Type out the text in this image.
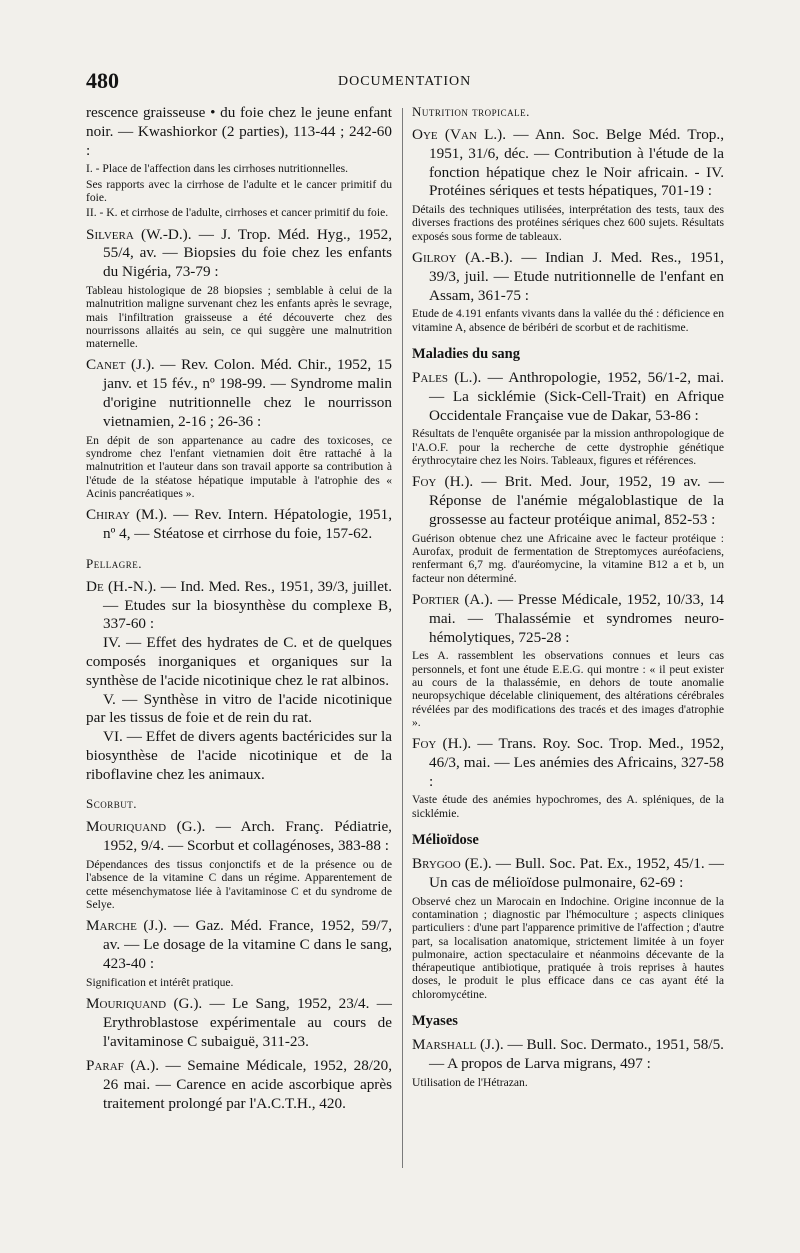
480	DOCUMENTATION

rescence graisseuse • du foie chez le jeune enfant noir. — Kwashiorkor (2 parties), 113-44 ; 242-60 :

I. - Place de l'affection dans les cirrhoses nutritionnelles.

Ses rapports avec la cirrhose de l'adulte et le cancer primitif du foie.

II. - K. et cirrhose de l'adulte, cirrhoses et cancer primitif du foie.

Silvera (W.-D.). — J. Trop. Méd. Hyg., 1952, 55/4, av. — Biopsies du foie chez les enfants du Nigéria, 73-79 :

Tableau histologique de 28 biopsies ; semblable à celui de la malnutrition maligne survenant chez les enfants après le sevrage, mais l'infiltration graisseuse a été découverte chez des nourrissons allaités au sein, ce qui suggère une malnutrition maternelle.

Canet (J.). — Rev. Colon. Méd. Chir., 1952, 15 janv. et 15 fév., nº 198-99. — Syndrome malin d'origine nutritionnelle chez le nourrisson vietnamien, 2-16 ; 26-36 :

En dépit de son appartenance au cadre des toxicoses, ce syndrome chez l'enfant vietnamien doit être rattaché à la malnutrition et l'auteur dans son travail apporte sa contribution à l'étude de la stéatose hépatique imputable à l'atrophie des « Acinis pancréatiques ».

Chiray (M.). — Rev. Intern. Hépatologie, 1951, nº 4, — Stéatose et cirrhose du foie, 157-62.

Pellagre.

De (H.-N.). — Ind. Med. Res., 1951, 39/3, juillet. — Etudes sur la biosynthèse du complexe B, 337-60 :

IV. — Effet des hydrates de C. et de quelques composés inorganiques et organiques sur la synthèse de l'acide nicotinique chez le rat albinos.

V. — Synthèse in vitro de l'acide nicotinique par les tissus de foie et de rein du rat.

VI. — Effet de divers agents bactéricides sur la biosynthèse de l'acide nicotinique et de la riboflavine chez les animaux.

Scorbut.

Mouriquand (G.). — Arch. Franç. Pédiatrie, 1952, 9/4. — Scorbut et collagénoses, 383-88 :

Dépendances des tissus conjonctifs et de la présence ou de l'absence de la vitamine C dans un régime. Apparentement de cette mésenchymatose liée à l'avitaminose C et du syndrome de Selye.

Marche (J.). — Gaz. Méd. France, 1952, 59/7, av. — Le dosage de la vitamine C dans le sang, 423-40 :

Signification et intérêt pratique.

Mouriquand (G.). — Le Sang, 1952, 23/4. — Erythroblastose expérimentale au cours de l'avitaminose C subaiguë, 311-23.

Paraf (A.). — Semaine Médicale, 1952, 28/20, 26 mai. — Carence en acide ascorbique après traitement prolongé par l'A.C.T.H., 420.

Nutrition tropicale.

Oye (Van L.). — Ann. Soc. Belge Méd. Trop., 1951, 31/6, déc. — Contribution à l'étude de la fonction hépatique chez le Noir africain. - IV. Protéines sériques et tests hépatiques, 701-19 :

Détails des techniques utilisées, interprétation des tests, taux des diverses fractions des protéines sériques chez 600 sujets. Résultats exposés sous forme de tableaux.

Gilroy (A.-B.). — Indian J. Med. Res., 1951, 39/3, juil. — Etude nutritionnelle de l'enfant en Assam, 361-75 :

Etude de 4.191 enfants vivants dans la vallée du thé : déficience en vitamine A, absence de béribéri de scorbut et de rachitisme.

Maladies du sang

Pales (L.). — Anthropologie, 1952, 56/1-2, mai. — La sicklémie (Sick-Cell-Trait) en Afrique Occidentale Française vue de Dakar, 53-86 :

Résultats de l'enquête organisée par la mission anthropologique de l'A.O.F. pour la recherche de cette dystrophie génétique érythrocytaire chez les Noirs. Tableaux, figures et références.

Foy (H.). — Brit. Med. Jour, 1952, 19 av. — Réponse de l'anémie mégaloblastique de la grossesse au facteur protéique animal, 852-53 :

Guérison obtenue chez une Africaine avec le facteur protéique : Aurofax, produit de fermentation de Streptomyces auréofaciens, renfermant 6,7 mg. d'auréomycine, la vitamine B12 a et b, un facteur non déterminé.

Portier (A.). — Presse Médicale, 1952, 10/33, 14 mai. — Thalassémie et syndromes neuro-hémolytiques, 725-28 :

Les A. rassemblent les observations connues et leurs cas personnels, et font une étude E.E.G. qui montre : « il peut exister au cours de la thalassémie, en dehors de toute anomalie neuropsychique décelable cliniquement, des altérations cérébrales révélées par des modifications des tracés et des images d'atrophie ».

Foy (H.). — Trans. Roy. Soc. Trop. Med., 1952, 46/3, mai. — Les anémies des Africains, 327-58 :

Vaste étude des anémies hypochromes, des A. spléniques, de la sicklémie.

Mélioïdose

Brygoo (E.). — Bull. Soc. Pat. Ex., 1952, 45/1. — Un cas de mélioïdose pulmonaire, 62-69 :

Observé chez un Marocain en Indochine. Origine inconnue de la contamination ; diagnostic par l'hémoculture ; aspects cliniques particuliers : d'une part l'apparence primitive de l'affection ; d'autre part, sa localisation anatomique, strictement limitée à un foyer pulmonaire, action spectaculaire et néanmoins décevante de la thérapeutique antibiotique, pratiquée à trois reprises à hautes doses, le produit le plus efficace dans ce cas ayant été la chloromycétine.

Myases

Marshall (J.). — Bull. Soc. Dermato., 1951, 58/5. — A propos de Larva migrans, 497 :

Utilisation de l'Hétrazan.
